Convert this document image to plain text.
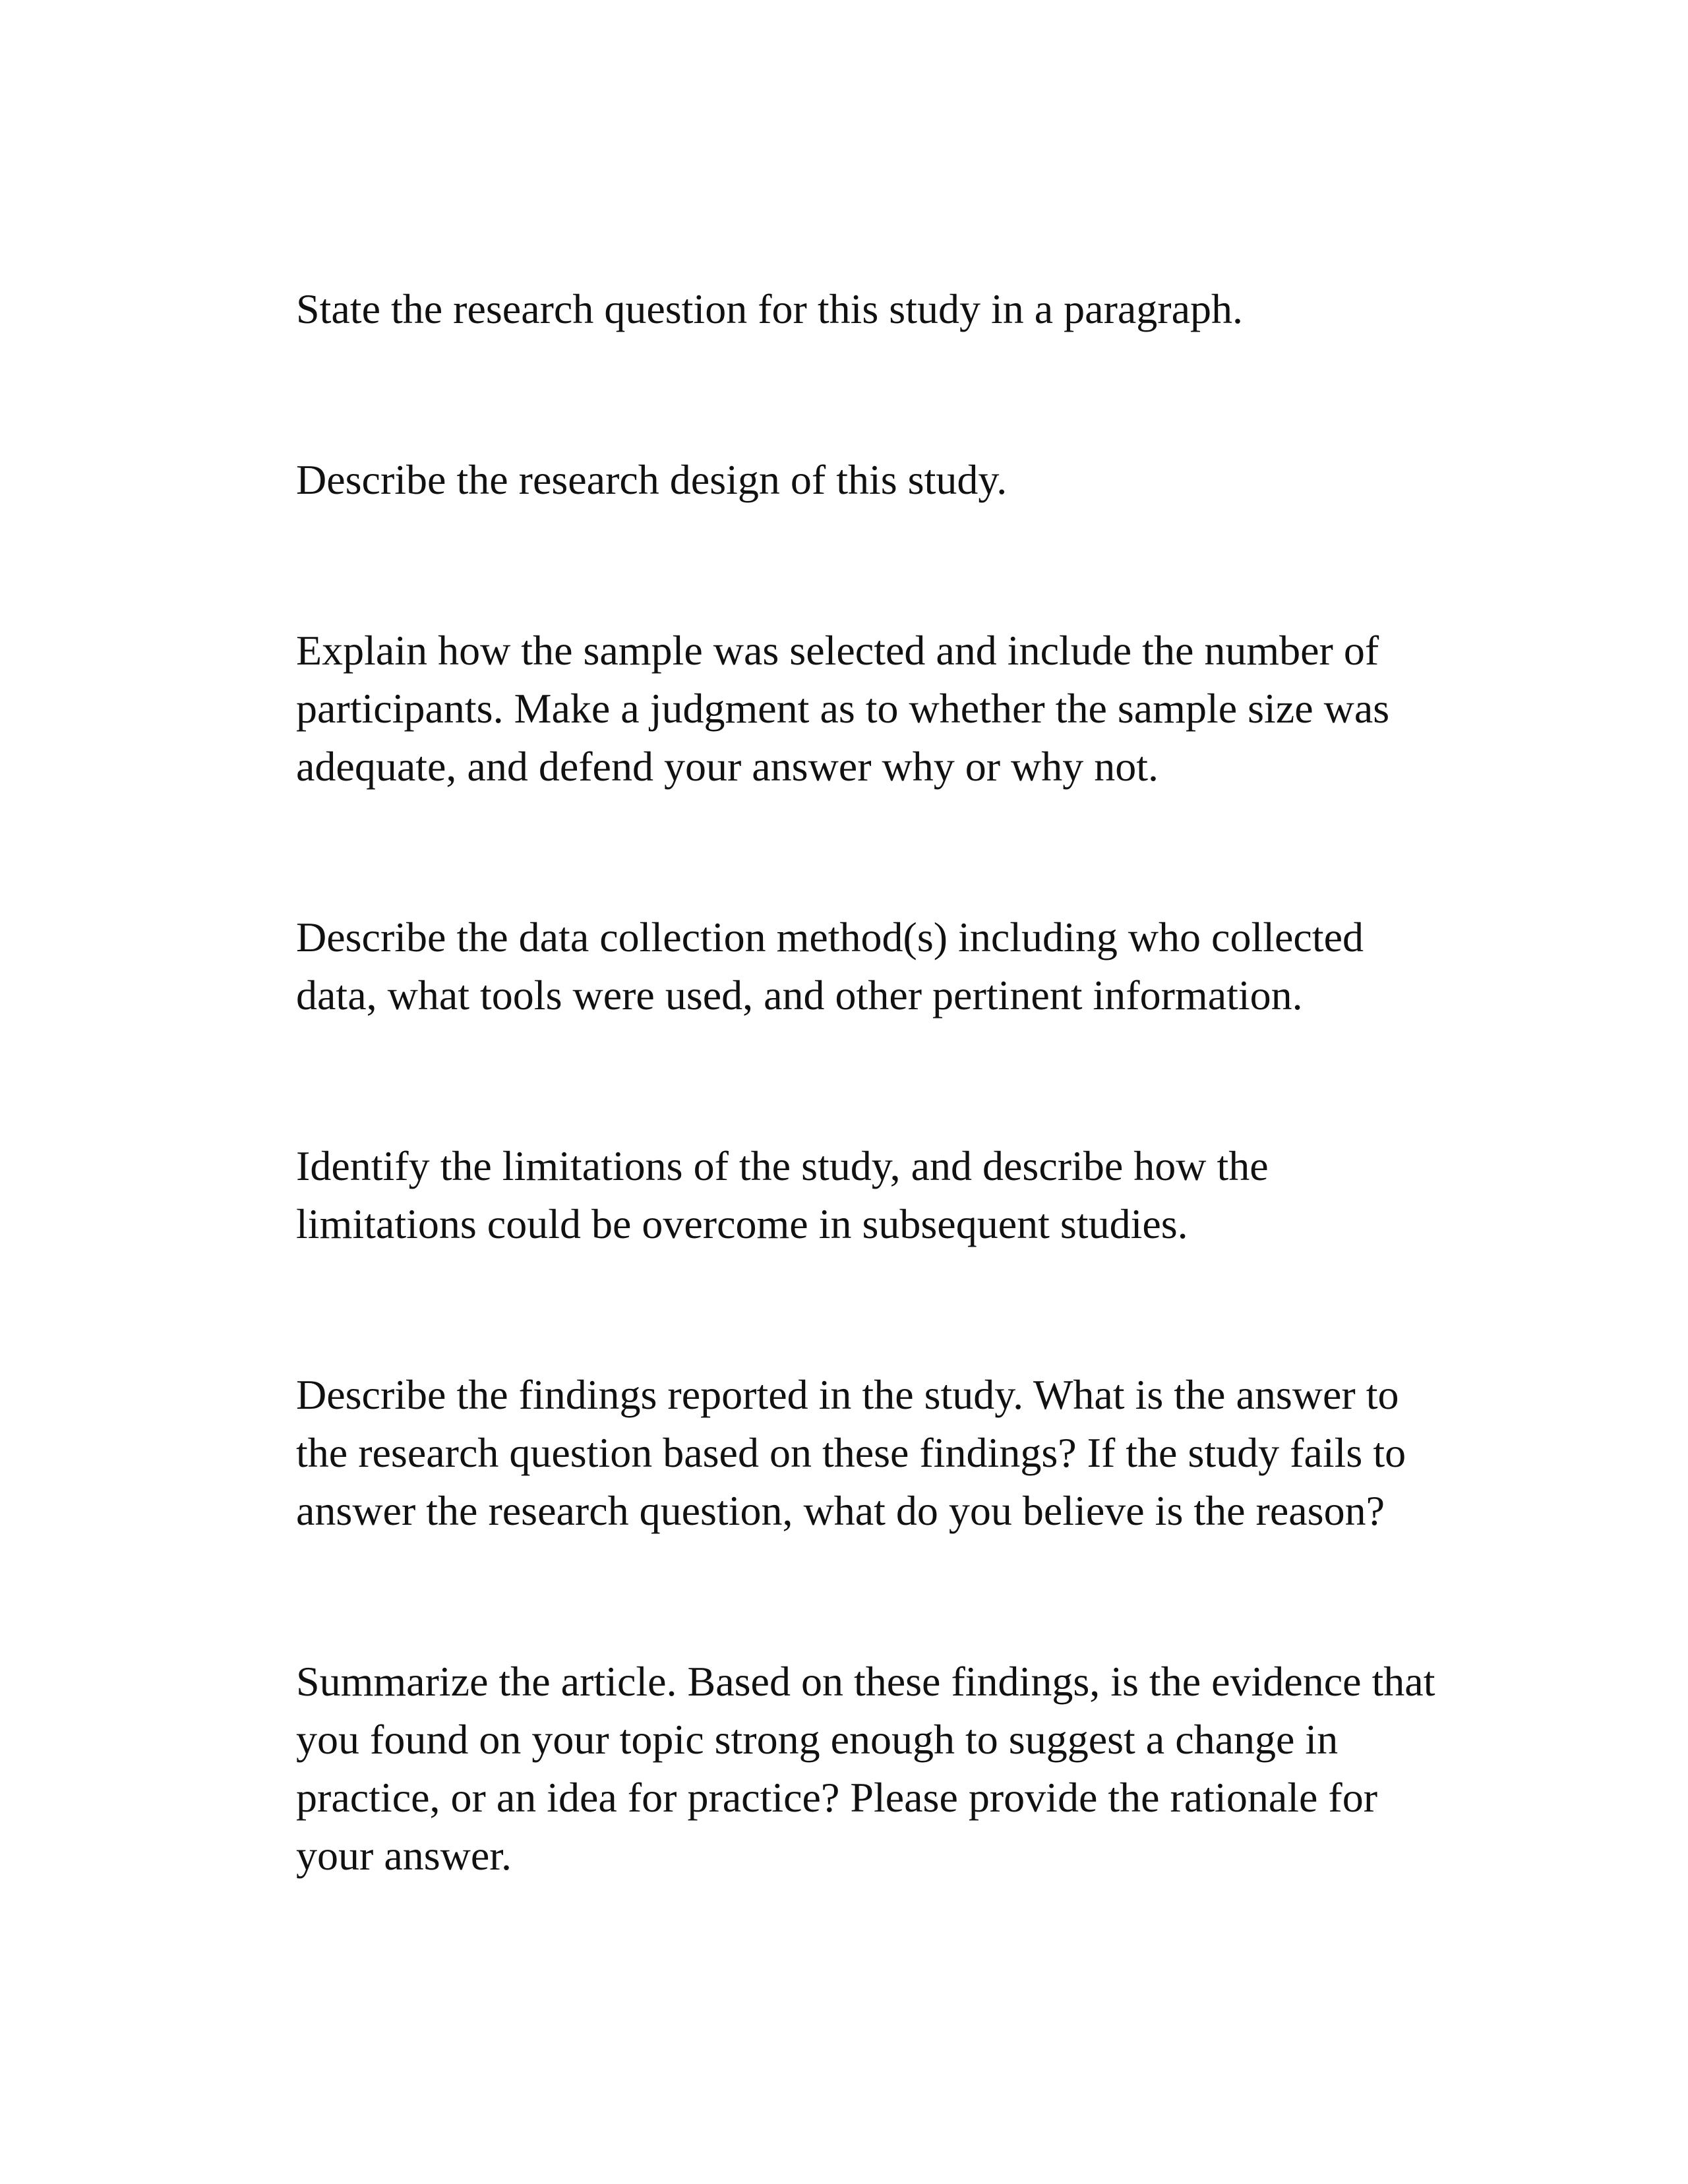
State the research question for this study in a paragraph.
Describe the research design of this study.
Explain how the sample was selected and include the number of
participants. Make a judgment as to whether the sample size was
adequate, and defend your answer why or why not.
Describe the data collection method(s) including who collected
data, what tools were used, and other pertinent information.
Identify the limitations of the study, and describe how the
limitations could be overcome in subsequent studies.
Describe the findings reported in the study. What is the answer to
the research question based on these findings? If the study fails to
answer the research question, what do you believe is the reason?
Summarize the article. Based on these findings, is the evidence that
you found on your topic strong enough to suggest a change in
practice, or an idea for practice? Please provide the rationale for
your answer.
